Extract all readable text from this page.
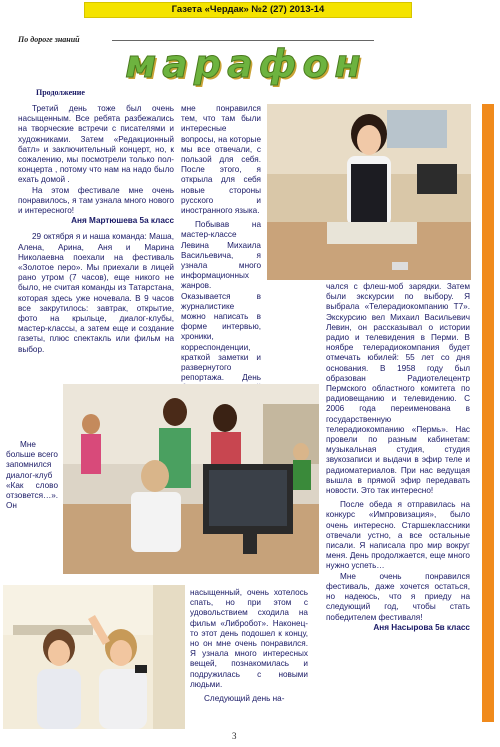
Газета «Чердак» №2 (27) 2013-14
По дороге знаний
марафон
Продолжение

Третий день тоже был очень насыщенным. Все ребята разбежались на творческие встречи с писателями и художниками. Затем «Редакционный батл» и заключительный концерт, но, к сожалению, мы посмотрели только пол- концерта , потому что нам на надо было ехать домой .

На этом фестивале мне очень понравилось, я там узнала много нового и интересного!

Аня Мартюшева 5а класс

29 октября я и наша команда: Маша, Алена, Арина, Аня и Марина Николаевна поехали на фестиваль «Золотое перо». Мы приехали в лицей рано утром (7 часов), еще никого не было, не считая команды из Татарстана, которая здесь уже ночевала. В 9 часов все закрутилось: завтрак, открытие, фото на крыльце, диалог-клубы, мастер-классы, а затем еще и создание газеты, плюс спектакль или фильм на выбор.

Мне больше всего запомнился диалог-клуб «Как слово отзовется…». Он

мне понравился тем, что там были интересные вопросы, на которые мы все отвечали, с пользой для себя. После этого, я открыла для себя новые стороны русского и иностранного языка.

Побывав на мастер-классе Левина Михаила Васильевича, я узнала много информационных жанров. Оказывается в журналистике можно написать в форме интервью, хроники, корреспонденции, краткой заметки и развернутого репортажа. День

чался с флеш-моб зарядки. Затем были экскурсии по выбору. Я выбрала «Телерадиокомпанию Т7». Экскурсию вел Михаил Васильевич Левин, он рассказывал о истории радио и телевидения в Перми. В ноябре телерадиокомпания будет отмечать юбилей: 55 лет со дня основания. В 1958 году был образован Радиотелецентр Пермского областного комитета по радиовещанию и телевидению. С 2006 года переименована в государственную телерадиокомпанию «Пермь». Нас провели по разным кабинетам: музыкальная студия, студия звукозаписи и выдачи в эфир теле и радиоматериалов. При нас ведущая вышла в прямой эфир передавать новости. Это так интересно!

После обеда я отправилась на конкурс «Импровизация», было очень интересно. Старшеклассники отвечали устно, а все остальные писали. Я написала про мир вокруг меня. День продолжается, еще много нужно успеть…

Мне очень понравился фестиваль, даже хочется остаться, но надеюсь, что я приеду на следующий год, чтобы стать победителем фестиваля!

Аня Насырова 5в класс

насыщенный, очень хотелось спать, но при этом с удовольствием сходила на фильм «Либробот». Наконец-то этот день подошел к концу, но он мне очень понравился. Я узнала много интересных вещей, познакомилась и подружилась с новыми людьми.

Следующий день на-

3
